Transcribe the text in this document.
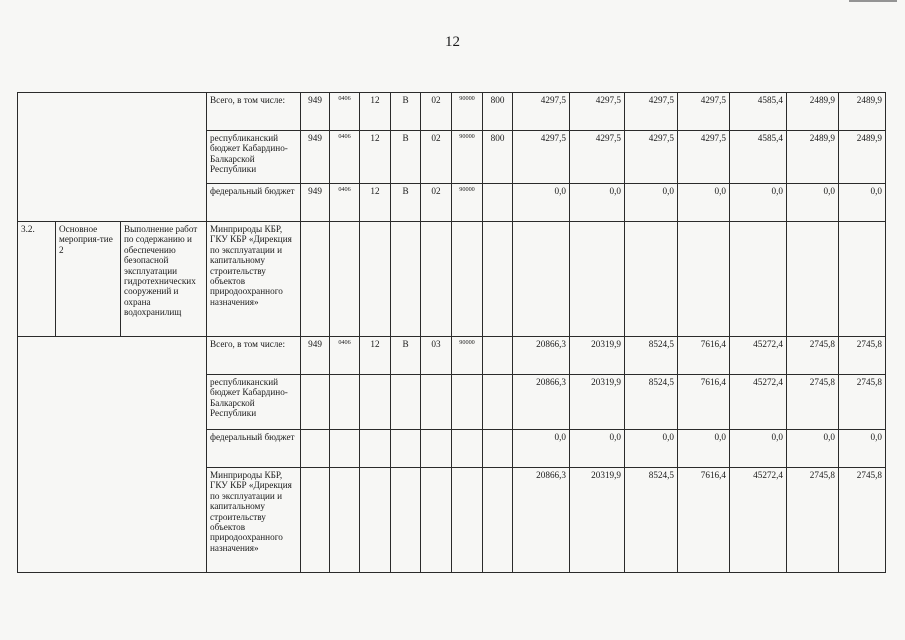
12
			Всего, в том числе:	949	0406	12	В	02	90000	800	4297,5	4297,5	4297,5	4297,5	4585,4	2489,9	2489,9
			республиканский бюджет Кабардино-Балкарской Республики	949	0406	12	В	02	90000	800	4297,5	4297,5	4297,5	4297,5	4585,4	2489,9	2489,9
			федеральный бюджет	949	0406	12	В	02	90000		0,0	0,0	0,0	0,0	0,0	0,0	0,0
3.2.	Основное мероприя-тие 2	Выполнение работ по содержанию и обеспечению безопасной эксплуатации гидротехнических сооружений и охрана водохранилищ	Минприроды КБР, ГКУ КБР «Дирекция по эксплуатации и капитальному строительству объектов природоохранного назначения»														
			Всего, в том числе:	949	0406	12	В	03	90000		20866,3	20319,9	8524,5	7616,4	45272,4	2745,8	2745,8
			республиканский бюджет Кабардино-Балкарской Республики								20866,3	20319,9	8524,5	7616,4	45272,4	2745,8	2745,8
			федеральный бюджет								0,0	0,0	0,0	0,0	0,0	0,0	0,0
			Минприроды КБР, ГКУ КБР «Дирекция по эксплуатации и капитальному строительству объектов природоохранного назначения»								20866,3	20319,9	8524,5	7616,4	45272,4	2745,8	2745,8
